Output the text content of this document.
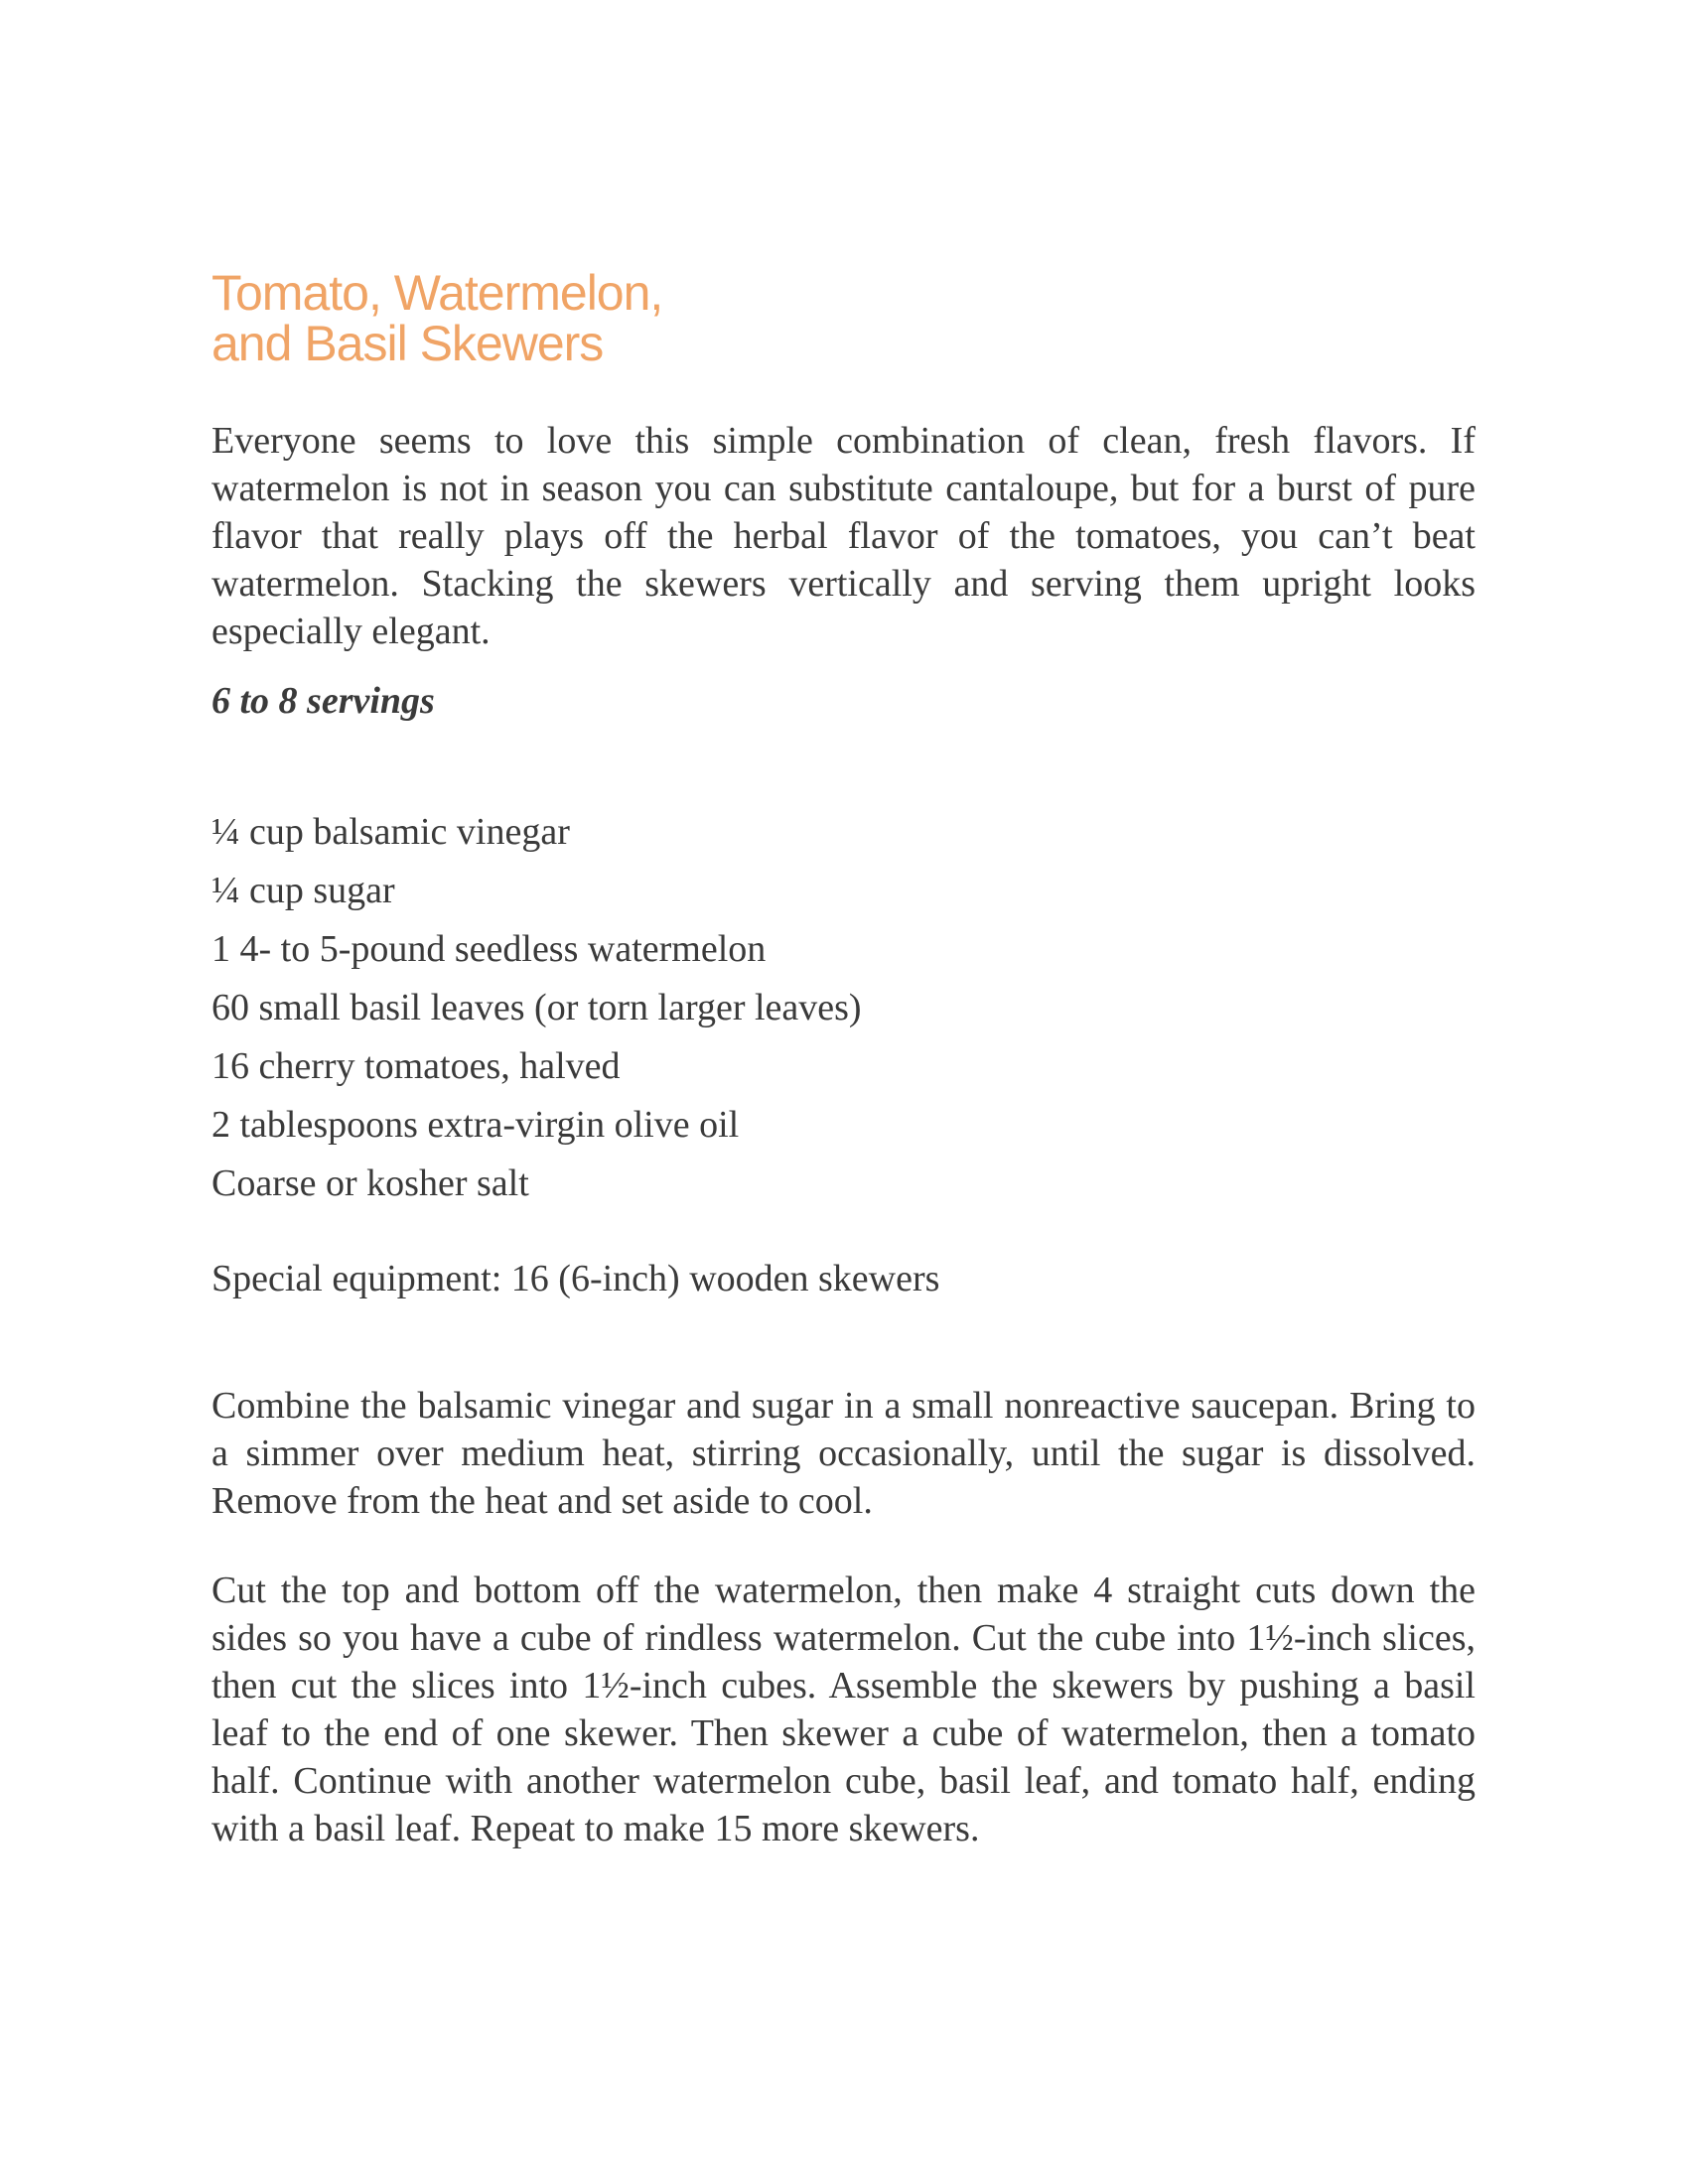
Tomato, Watermelon,
and Basil Skewers

Everyone seems to love this simple combination of clean, fresh flavors. If watermelon is not in season you can substitute cantaloupe, but for a burst of pure flavor that really plays off the herbal flavor of the tomatoes, you can’t beat watermelon. Stacking the skewers vertically and serving them upright looks especially elegant.

6 to 8 servings

¼ cup balsamic vinegar
¼ cup sugar
1 4- to 5-pound seedless watermelon
60 small basil leaves (or torn larger leaves)
16 cherry tomatoes, halved
2 tablespoons extra-virgin olive oil
Coarse or kosher salt

Special equipment: 16 (6-inch) wooden skewers

Combine the balsamic vinegar and sugar in a small nonreactive saucepan. Bring to a simmer over medium heat, stirring occasionally, until the sugar is dissolved. Remove from the heat and set aside to cool.

Cut the top and bottom off the watermelon, then make 4 straight cuts down the sides so you have a cube of rindless watermelon. Cut the cube into 1½-inch slices, then cut the slices into 1½-inch cubes. Assemble the skewers by pushing a basil leaf to the end of one skewer. Then skewer a cube of watermelon, then a tomato half. Continue with another watermelon cube, basil leaf, and tomato half, ending with a basil leaf. Repeat to make 15 more skewers.
